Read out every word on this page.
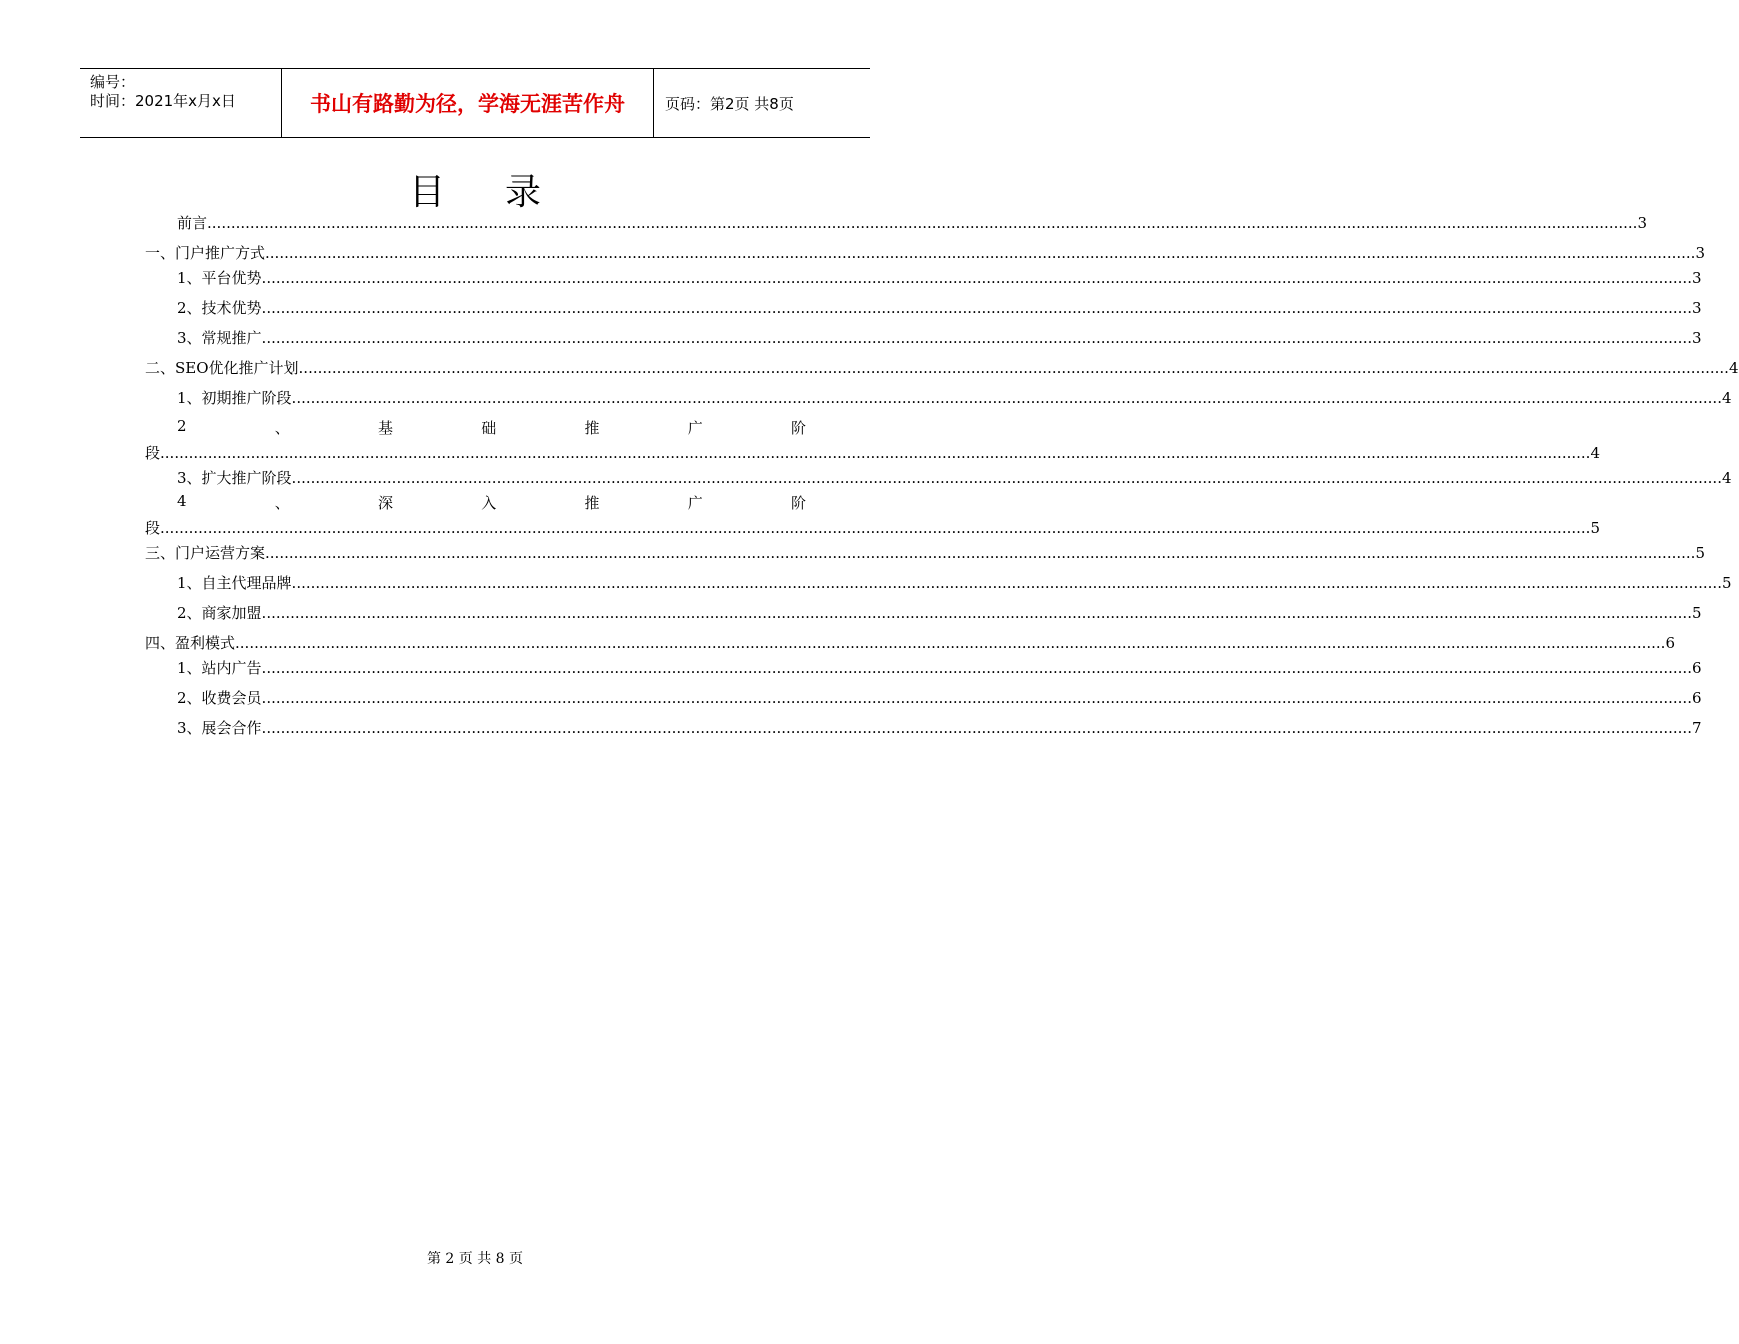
编号：
时间：2021年x月x日	书山有路勤为径，学海无涯苦作舟	页码：第2页 共8页
目录
前言 ............................................................................................................................................................................................................................................................................................................ 3
一、门户推广方式 ............................................................................................................................................................................................................................................................................................................ 3
1、平台优势 ............................................................................................................................................................................................................................................................................................................ 3
2、技术优势 ............................................................................................................................................................................................................................................................................................................ 3
3、常规推广 ............................................................................................................................................................................................................................................................................................................ 3
二、SEO优化推广计划 ............................................................................................................................................................................................................................................................................................................ 4
1、初期推广阶段 ............................................................................................................................................................................................................................................................................................................ 4
2	、	基	础	推	广	阶
段 ............................................................................................................................................................................................................................................................................................................ 4
3、扩大推广阶段 ............................................................................................................................................................................................................................................................................................................ 4
4	、	深	入	推	广	阶
段 ............................................................................................................................................................................................................................................................................................................ 5
三、门户运营方案 ............................................................................................................................................................................................................................................................................................................ 5
1、自主代理品牌 ............................................................................................................................................................................................................................................................................................................ 5
2、商家加盟 ............................................................................................................................................................................................................................................................................................................ 5
四、盈利模式 ............................................................................................................................................................................................................................................................................................................ 6
1、站内广告 ............................................................................................................................................................................................................................................................................................................ 6
2、收费会员 ............................................................................................................................................................................................................................................................................................................ 6
3、展会合作 ............................................................................................................................................................................................................................................................................................................ 7
第 2 页 共 8 页
